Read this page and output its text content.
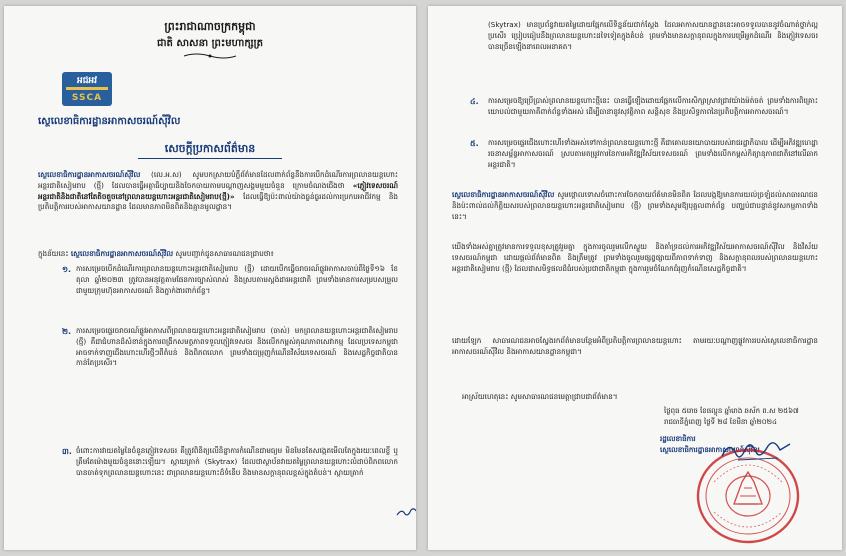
ព្រះរាជាណាចក្រកម្ពុជា
ជាតិ សាសនា ព្រះមហាក្សត្រ
អជអវ
SSCA
ស្ថេលេខាធិការដ្ឋានអាកាសចរណ៍ស៊ីវិល
សេចក្ដីប្រកាសព័ត៌មាន
ស្ថេលេខាធិការដ្ឋានអាកាសចរណ៍ស៊ីវិល (លេ.អ.ស) សូមបកស្រាយបំភ្លឺព័ត៌មានដែលពាក់ព័ន្ធនឹងការបើកដំណើរការព្រលានយន្តហោះអន្តរជាតិសៀមរាប (ថ្មី) ដែលបានធ្វើអត្ថាធិប្បាយនិងចែកចាយតាមបណ្ដាញសង្គមមួយចំនួន ក្រោមចំណងជើងថា «ភ្ញៀវទេសចរណ៍អន្តរជាតិនិងជាតិនៅតែតិចតួចនៅព្រលានយន្តហោះអន្តរជាតិសៀមរាប(ថ្មី)» ដែលធ្វើឱ្យប៉ះពាល់យ៉ាងធ្ងន់ធ្ងរដល់ការប្រកបអាជីវកម្ម និងប្រតិបត្តិការរបស់អាកាសយានដ្ឋាន ដែលមានភាពមិនពិតនិងគ្មានមូលដ្ឋាន។
ក្នុងន័យនេះ ស្ថេលេខាធិការដ្ឋានអាកាសចរណ៍ស៊ីវិល សូមបញ្ជាក់ជូនសាធារណជនជ្រាបថា៖
១. ការសម្រេចបើកដំណើរការព្រលានយន្តហោះអន្តរជាតិសៀមរាប (ថ្មី) ដោយបើកធ្វើចរាចរណ៍ផ្លូវអាកាសចាប់ពីថ្ងៃទី១៦ ខែតុលា ឆ្នាំ២០២៣ ត្រូវបានអនុវត្តតាមផែនការច្បាស់លាស់ និងស្របតាមស្ដង់ដារអន្តរជាតិ ព្រមទាំងមានការសម្របសម្រួលជាមួយក្រុមហ៊ុនអាកាសចរណ៍ និងភ្នាក់ងារពាក់ព័ន្ធ។
២. ការសម្រេចផ្ទេរចរាចរណ៍ផ្លូវអាកាសពីព្រលានយន្តហោះអន្តរជាតិសៀមរាប (ចាស់) មកព្រលានយន្តហោះអន្តរជាតិសៀមរាប (ថ្មី) គឺជាជំហានដ៏សំខាន់ក្នុងការពង្រីកសមត្ថភាពទទួលភ្ញៀវទេសចរ និងលើកកម្ពស់គុណភាពសេវាកម្ម ដែលប្រទេសកម្ពុជាអាចទាក់ទាញជើងហោះហើរថ្មីៗពីតំបន់ និងពិភពលោក ព្រមទាំងជម្រុញកំណើនវិស័យទេសចរណ៍ និងសេដ្ឋកិច្ចជាតិបានកាន់តែប្រសើរ។
៣. ចំពោះការវាយតម្លៃនៃចំនួនភ្ញៀវទេសចរ គឺត្រូវពិនិត្យលើនិន្នាការកំណើនជាមធ្យម មិនមែនតែសង្កេតមើលតែក្នុងរយៈពេលខ្លី ឬត្រឹមតែម៉ោងមួយចំនួននោះឡើយ។ ស្កាយត្រាក់ (Skytrax) ដែលជាស្ថាប័នវាយតម្លៃព្រលានយន្តហោះលំដាប់ពិភពលោក បានចាត់ទុកព្រលានយន្តហោះនេះ ជាព្រលានយន្តហោះដ៏ទំនើប និងមានសក្ដានុពលខ្ពស់ក្នុងតំបន់។ ស្កាយត្រាក់
(Skytrax) មានប្រព័ន្ធវាយតម្លៃដោយផ្អែកលើទិន្នន័យជាក់ស្ដែង ដែលអាកាសយានដ្ឋាននេះអាចទទួលបាននូវចំណាត់ថ្នាក់ល្អប្រសើរ ប្រៀបធៀបនឹងព្រលានយន្តហោះដទៃទៀតក្នុងតំបន់ ព្រមទាំងមានសក្ដានុពលក្នុងការបម្រើអ្នកដំណើរ និងភ្ញៀវទេសចរបានច្រើនឡើងនាពេលអនាគត។
៤. ការសម្រេចឱ្យប្រើប្រាស់ព្រលានយន្តហោះថ្មីនេះ បានធ្វើឡើងដោយផ្អែកលើការសិក្សាស្រាវជ្រាវយ៉ាងម៉ត់ចត់ ព្រមទាំងការពិគ្រោះយោបល់ជាមួយភាគីពាក់ព័ន្ធទាំងអស់ ដើម្បីធានានូវសុវត្ថិភាព សន្តិសុខ និងប្រសិទ្ធភាពនៃប្រតិបត្តិការអាកាសចរណ៍។
៥. ការសម្រេចផ្ទេរជើងហោះហើរទាំងអស់ទៅកាន់ព្រលានយន្តហោះថ្មី គឺជាគោលនយោបាយរបស់រាជរដ្ឋាភិបាល ដើម្បីអភិវឌ្ឍហេដ្ឋារចនាសម្ព័ន្ធអាកាសចរណ៍ ស្របតាមតម្រូវការនៃការអភិវឌ្ឍវិស័យទេសចរណ៍ ព្រមទាំងលើកកម្ពស់កិត្យានុភាពជាតិនៅលើឆាកអន្តរជាតិ។
ស្ថេលេខាធិការដ្ឋានអាកាសចរណ៍ស៊ីវិល សូមថ្កោលទោសចំពោះការចែកចាយព័ត៌មានមិនពិត ដែលបង្កឱ្យមានការយល់ច្រឡំដល់សាធារណជន និងប៉ះពាល់ដល់កិត្តិយសរបស់ព្រលានយន្តហោះអន្តរជាតិសៀមរាប (ថ្មី) ព្រមទាំងសូមឱ្យបុគ្គលពាក់ព័ន្ធ បញ្ឈប់ជាបន្ទាន់នូវសកម្មភាពទាំងនេះ។
យើងទាំងអស់គ្នាត្រូវមានការទទួលខុសត្រូវរួមគ្នា ក្នុងការចូលរួមលើកស្ទួយ និងគាំទ្រដល់ការអភិវឌ្ឍវិស័យអាកាសចរណ៍ស៊ីវិល និងវិស័យទេសចរណ៍កម្ពុជា ដោយផ្ដល់ព័ត៌មានពិត និងត្រឹមត្រូវ ព្រមទាំងចូលរួមផ្សព្វផ្សាយពីភាពទាក់ទាញ និងសក្ដានុពលរបស់ព្រលានយន្តហោះអន្តរជាតិសៀមរាប (ថ្មី) ដែលជាសមិទ្ធផលដ៏ធំរបស់ប្រជាជាតិកម្ពុជា ក្នុងការរួមចំណែកជំរុញកំណើនសេដ្ឋកិច្ចជាតិ។
ដោយឡែក សាធារណជនអាចស្វែងរកព័ត៌មានបន្ថែមអំពីប្រតិបត្តិការព្រលានយន្តហោះ តាមរយៈបណ្ដាញផ្លូវការរបស់ស្ថេលេខាធិការដ្ឋានអាកាសចរណ៍ស៊ីវិល និងអាកាសយានដ្ឋានកម្ពុជា។
អាស្រ័យហេតុនេះ សូមសាធារណជនមេត្តាជ្រាបជាព័ត៌មាន។
ថ្ងៃពុធ ៥រោច ខែផល្គុន ឆ្នាំរោង ឆស័ក ព.ស ២៥៦៧
រាជធានីភ្នំពេញ ថ្ងៃទី ២៨ ខែមីនា ឆ្នាំ២០២៤
រដ្ឋលេខាធិការ
ស្ថេលេខាធិការដ្ឋានអាកាសចរណ៍ស៊ីវិល
